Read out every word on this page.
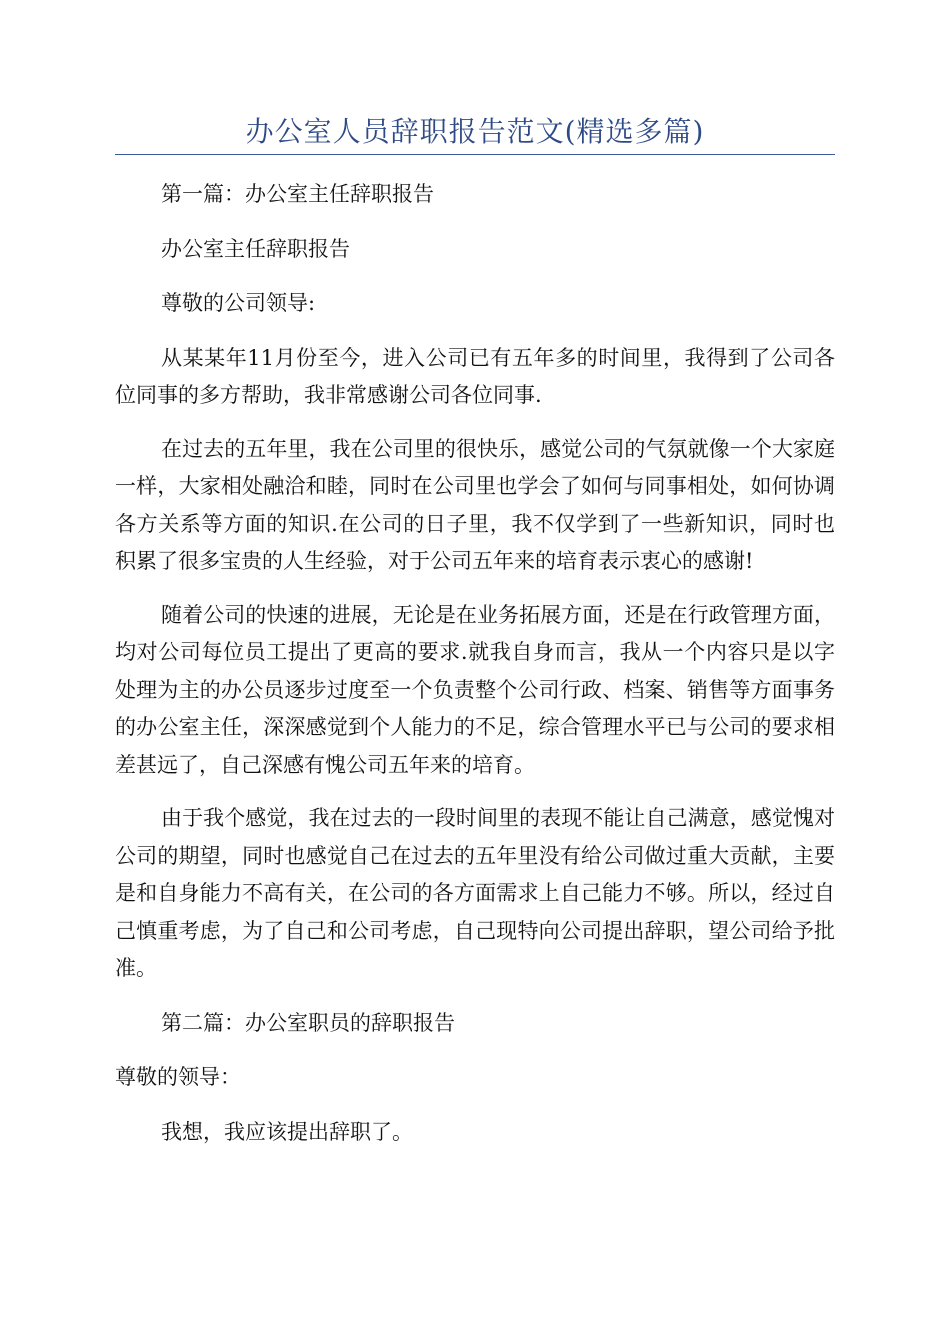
办公室人员辞职报告范文(精选多篇)

第一篇：办公室主任辞职报告

办公室主任辞职报告

尊敬的公司领导:

从某某年11月份至今，进入公司已有五年多的时间里，我得到了公司各位同事的多方帮助，我非常感谢公司各位同事.

在过去的五年里，我在公司里的很快乐，感觉公司的气氛就像一个大家庭一样，大家相处融洽和睦，同时在公司里也学会了如何与同事相处，如何协调各方关系等方面的知识.在公司的日子里，我不仅学到了一些新知识，同时也积累了很多宝贵的人生经验，对于公司五年来的培育表示衷心的感谢!

随着公司的快速的进展，无论是在业务拓展方面，还是在行政管理方面，均对公司每位员工提出了更高的要求.就我自身而言，我从一个内容只是以字处理为主的办公员逐步过度至一个负责整个公司行政、档案、销售等方面事务的办公室主任，深深感觉到个人能力的不足，综合管理水平已与公司的要求相差甚远了，自己深感有愧公司五年来的培育。

由于我个感觉，我在过去的一段时间里的表现不能让自己满意，感觉愧对公司的期望，同时也感觉自己在过去的五年里没有给公司做过重大贡献，主要是和自身能力不高有关，在公司的各方面需求上自己能力不够。所以，经过自己慎重考虑，为了自己和公司考虑，自己现特向公司提出辞职，望公司给予批准。

第二篇：办公室职员的辞职报告

尊敬的领导：

我想，我应该提出辞职了。
